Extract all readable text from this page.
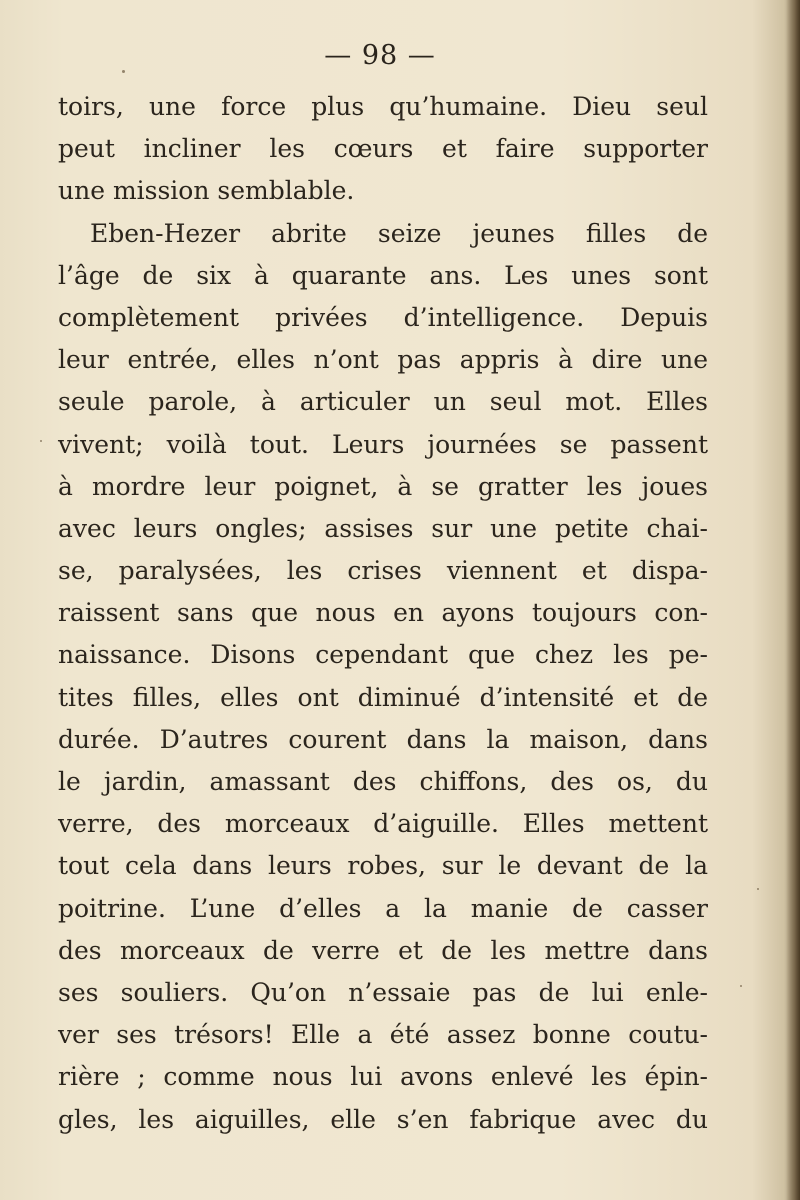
— 98 —
toirs, une force plus qu’humaine. Dieu seul
peut incliner les cœurs et faire supporter
une mission semblable.
Eben-Hezer abrite seize jeunes filles de
l’âge de six à quarante ans. Les unes sont
complètement privées d’intelligence. Depuis
leur entrée, elles n’ont pas appris à dire une
seule parole, à articuler un seul mot. Elles
vivent; voilà tout. Leurs journées se passent
à mordre leur poignet, à se gratter les joues
avec leurs ongles; assises sur une petite chai-
se, paralysées, les crises viennent et dispa-
raissent sans que nous en ayons toujours con-
naissance. Disons cependant que chez les pe-
tites filles, elles ont diminué d’intensité et de
durée. D’autres courent dans la maison, dans
le jardin, amassant des chiffons, des os, du
verre, des morceaux d’aiguille. Elles mettent
tout cela dans leurs robes, sur le devant de la
poitrine. L’une d’elles a la manie de casser
des morceaux de verre et de les mettre dans
ses souliers. Qu’on n’essaie pas de lui enle-
ver ses trésors! Elle a été assez bonne coutu-
rière ; comme nous lui avons enlevé les épin-
gles, les aiguilles, elle s’en fabrique avec du
